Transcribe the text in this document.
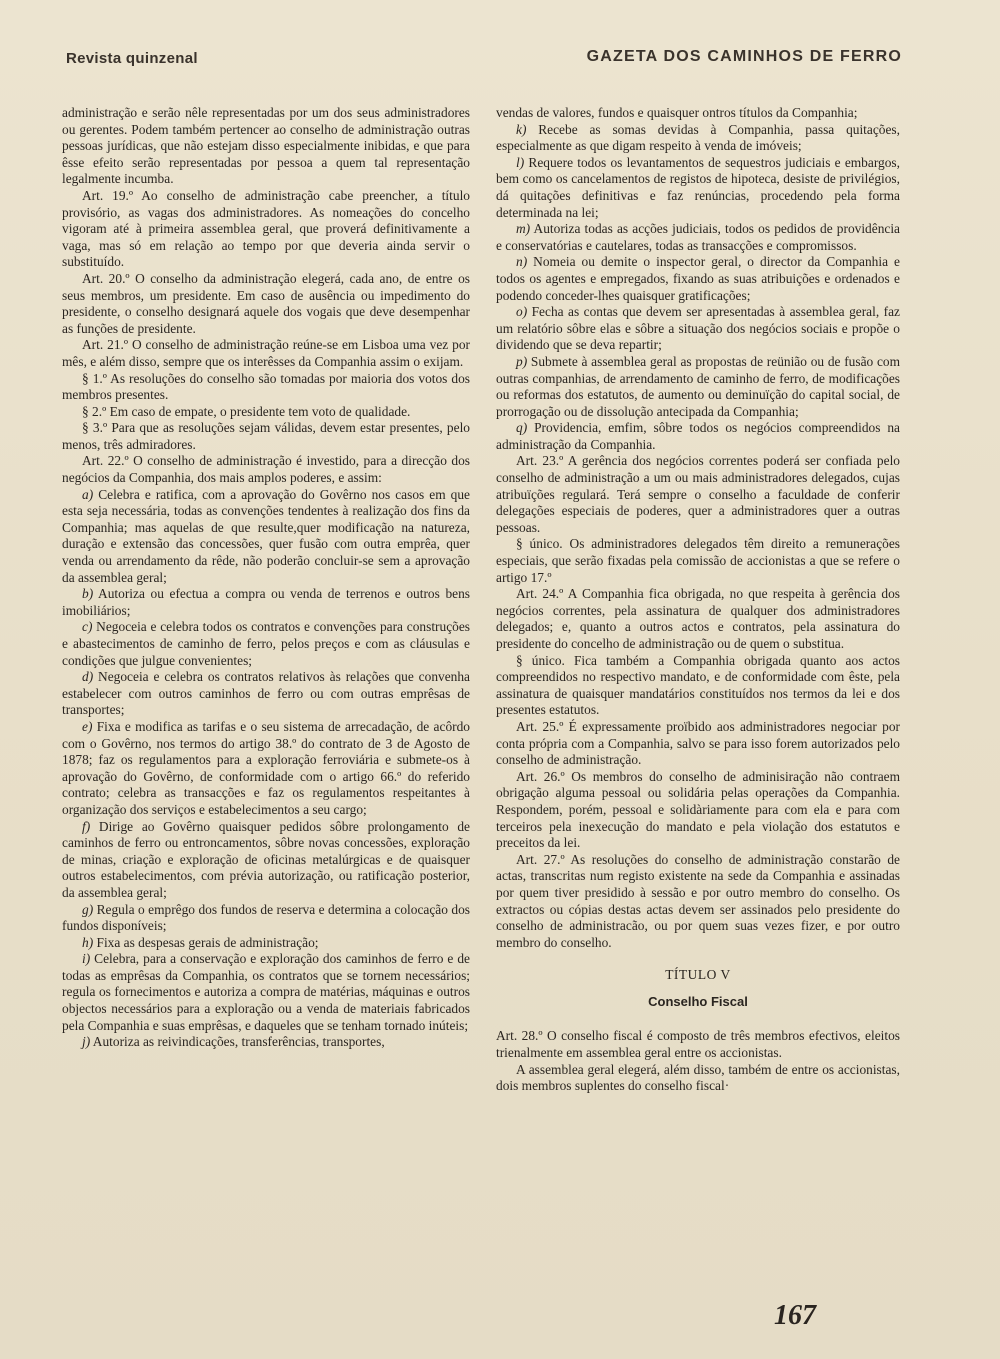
Revista quinzenal	GAZETA DOS CAMINHOS DE FERRO

administração e serão nêle representadas por um dos seus administradores ou gerentes. Podem também pertencer ao conselho de administração outras pessoas jurídicas, que não estejam disso especialmente inibidas, e que para êsse efeito serão representadas por pessoa a quem tal representação legalmente incumba.

Art. 19.º Ao conselho de administração cabe preencher, a título provisório, as vagas dos administradores. As nomeações do concelho vigoram até à primeira assemblea geral, que proverá definitivamente a vaga, mas só em relação ao tempo por que deveria ainda servir o substituído.

Art. 20.º O conselho da administração elegerá, cada ano, de entre os seus membros, um presidente. Em caso de ausência ou impedimento do presidente, o conselho designará aquele dos vogais que deve desempenhar as funções de presidente.

Art. 21.º O conselho de administração reúne-se em Lisboa uma vez por mês, e além disso, sempre que os interêsses da Companhia assim o exijam.

§ 1.º As resoluções do conselho são tomadas por maioria dos votos dos membros presentes.

§ 2.º Em caso de empate, o presidente tem voto de qualidade.

§ 3.º Para que as resoluções sejam válidas, devem estar presentes, pelo menos, três admiradores.

Art. 22.º O conselho de administração é investido, para a direcção dos negócios da Companhia, dos mais amplos poderes, e assim:

a) Celebra e ratifica, com a aprovação do Govêrno nos casos em que esta seja necessária, todas as convenções tendentes à realização dos fins da Companhia; mas aquelas de que resulte,quer modificação na natureza, duração e extensão das concessões, quer fusão com outra emprêa, quer venda ou arrendamento da rêde, não poderão concluir-se sem a aprovação da assemblea geral;

b) Autoriza ou efectua a compra ou venda de terrenos e outros bens imobiliários;

c) Negoceia e celebra todos os contratos e convenções para construções e abastecimentos de caminho de ferro, pelos preços e com as cláusulas e condições que julgue convenientes;

d) Negoceia e celebra os contratos relativos às relações que convenha estabelecer com outros caminhos de ferro ou com outras emprêsas de transportes;

e) Fixa e modifica as tarifas e o seu sistema de arrecadação, de acôrdo com o Govêrno, nos termos do artigo 38.º do contrato de 3 de Agosto de 1878; faz os regulamentos para a exploração ferroviária e submete-os à aprovação do Govêrno, de conformidade com o artigo 66.º do referido contrato; celebra as transacções e faz os regulamentos respeitantes à organização dos serviços e estabelecimentos a seu cargo;

f) Dirige ao Govêrno quaisquer pedidos sôbre prolongamento de caminhos de ferro ou entroncamentos, sôbre novas concessões, exploração de minas, criação e exploração de oficinas metalúrgicas e de quaisquer outros estabelecimentos, com prévia autorização, ou ratificação posterior, da assemblea geral;

g) Regula o emprêgo dos fundos de reserva e determina a colocação dos fundos disponíveis;

h) Fixa as despesas gerais de administração;

i) Celebra, para a conservação e exploração dos caminhos de ferro e de todas as emprêsas da Companhia, os contratos que se tornem necessários; regula os fornecimentos e autoriza a compra de matérias, máquinas e outros objectos necessários para a exploração ou a venda de materiais fabricados pela Companhia e suas emprêsas, e daqueles que se tenham tornado inúteis;

j) Autoriza as reivindicações, transferências, transportes,

vendas de valores, fundos e quaisquer ontros títulos da Companhia;

k) Recebe as somas devidas à Companhia, passa quitações, especialmente as que digam respeito à venda de imóveis;

l) Requere todos os levantamentos de sequestros judiciais e embargos, bem como os cancelamentos de registos de hipoteca, desiste de privilégios, dá quitações definitivas e faz renúncias, procedendo pela forma determinada na lei;

m) Autoriza todas as acções judiciais, todos os pedidos de providência e conservatórias e cautelares, todas as transacções e compromissos.

n) Nomeia ou demite o inspector geral, o director da Companhia e todos os agentes e empregados, fixando as suas atribuições e ordenados e podendo conceder-lhes quaisquer gratificações;

o) Fecha as contas que devem ser apresentadas à assemblea geral, faz um relatório sôbre elas e sôbre a situação dos negócios sociais e propõe o dividendo que se deva repartir;

p) Submete à assemblea geral as propostas de reünião ou de fusão com outras companhias, de arrendamento de caminho de ferro, de modificações ou reformas dos estatutos, de aumento ou deminuïção do capital social, de prorrogação ou de dissolução antecipada da Companhia;

q) Providencia, emfim, sôbre todos os negócios compreendidos na administração da Companhia.

Art. 23.º A gerência dos negócios correntes poderá ser confiada pelo conselho de administração a um ou mais administradores delegados, cujas atribuïções regulará. Terá sempre o conselho a faculdade de conferir delegações especiais de poderes, quer a administradores quer a outras pessoas.

§ único. Os administradores delegados têm direito a remunerações especiais, que serão fixadas pela comissão de accionistas a que se refere o artigo 17.º

Art. 24.º A Companhia fica obrigada, no que respeita à gerência dos negócios correntes, pela assinatura de qualquer dos administradores delegados; e, quanto a outros actos e contratos, pela assinatura do presidente do concelho de administração ou de quem o substitua.

§ único. Fica também a Companhia obrigada quanto aos actos compreendidos no respectivo mandato, e de conformidade com êste, pela assinatura de quaisquer mandatários constituídos nos termos da lei e dos presentes estatutos.

Art. 25.º É expressamente proïbido aos administradores negociar por conta própria com a Companhia, salvo se para isso forem autorizados pelo conselho de administração.

Art. 26.º Os membros do conselho de adminisiração não contraem obrigação alguma pessoal ou solidária pelas operações da Companhia. Respondem, porém, pessoal e solidàriamente para com ela e para com terceiros pela inexecução do mandato e pela violação dos estatutos e preceitos da lei.

Art. 27.º As resoluções do conselho de administração constarão de actas, transcritas num registo existente na sede da Companhia e assinadas por quem tiver presidido à sessão e por outro membro do conselho. Os extractos ou cópias destas actas devem ser assinados pelo presidente do conselho de administracão, ou por quem suas vezes fizer, e por outro membro do conselho.

TÍTULO V
Conselho Fiscal

Art. 28.º O conselho fiscal é composto de três membros efectivos, eleitos trienalmente em assemblea geral entre os accionistas.

A assemblea geral elegerá, além disso, também de entre os accionistas, dois membros suplentes do conselho fiscal·

167
